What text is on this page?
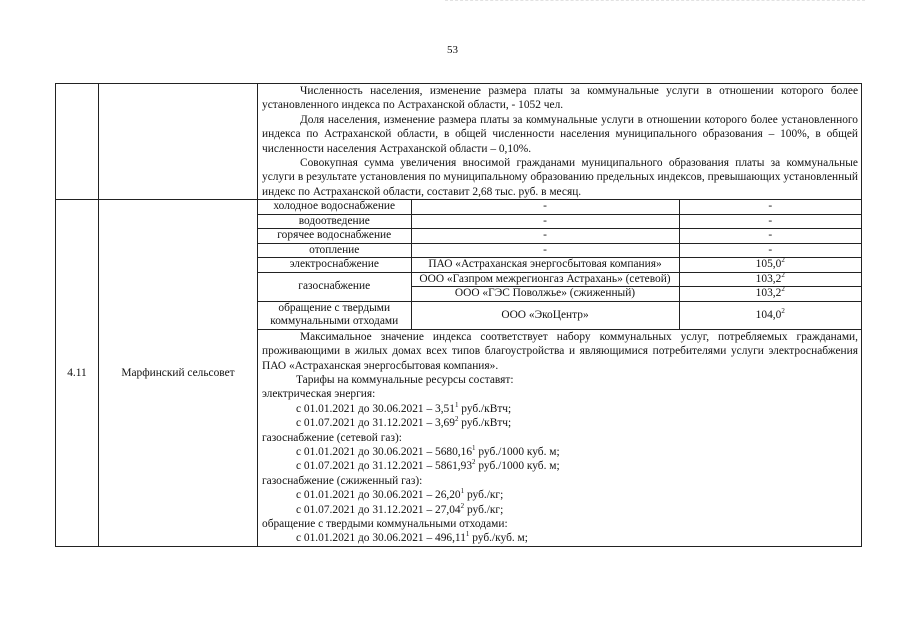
53

Численность населения, изменение размера платы за коммунальные услуги в отношении которого более установленного индекса по Астраханской области, - 1052 чел.
Доля населения, изменение размера платы за коммунальные услуги в отношении которого более установленного индекса по Астраханской области, в общей численности населения муниципального образования – 100%, в общей численности населения Астраханской области – 0,10%.
Совокупная сумма увеличения вносимой гражданами муниципального образования платы за коммунальные услуги в результате установления по муниципальному образованию предельных индексов, превышающих установленный индекс по Астраханской области, составит 2,68 тыс. руб. в месяц.

4.11	Марфинский сельсовет	
холодное водоснабжение	-	-
водоотведение	-	-
горячее водоснабжение	-	-
отопление	-	-
электроснабжение	ПАО «Астраханская энергосбытовая компания»	105,0$^2$
газоснабжение	ООО «Газпром межрегионгаз Астрахань» (сетевой)	103,2$^2$
ООО «ГЭС Поволжье» (сжиженный)	103,2$^2$
обращение с твердыми коммунальными отходами	ООО «ЭкоЦентр»	104,0$^2$
Максимальное значение индекса соответствует набору коммунальных услуг, потребляемых гражданами, проживающими в жилых домах всех типов благоустройства и являющимися потребителями услуги электроснабжения ПАО «Астраханская энергосбытовая компания».
Тарифы на коммунальные ресурсы составят:
электрическая энергия:
с 01.01.2021 до 30.06.2021 – 3,51$^1$ руб./кВтч;
с 01.07.2021 до 31.12.2021 – 3,69$^2$ руб./кВтч;
газоснабжение (сетевой газ):
с 01.01.2021 до 30.06.2021 – 5680,16$^1$ руб./1000 куб. м;
с 01.07.2021 до 31.12.2021 – 5861,93$^2$ руб./1000 куб. м;
газоснабжение (сжиженный газ):
с 01.01.2021 до 30.06.2021 – 26,20$^1$ руб./кг;
с 01.07.2021 до 31.12.2021 – 27,04$^2$ руб./кг;
обращение с твердыми коммунальными отходами:
с 01.01.2021 до 30.06.2021 – 496,11$^1$ руб./куб. м;
